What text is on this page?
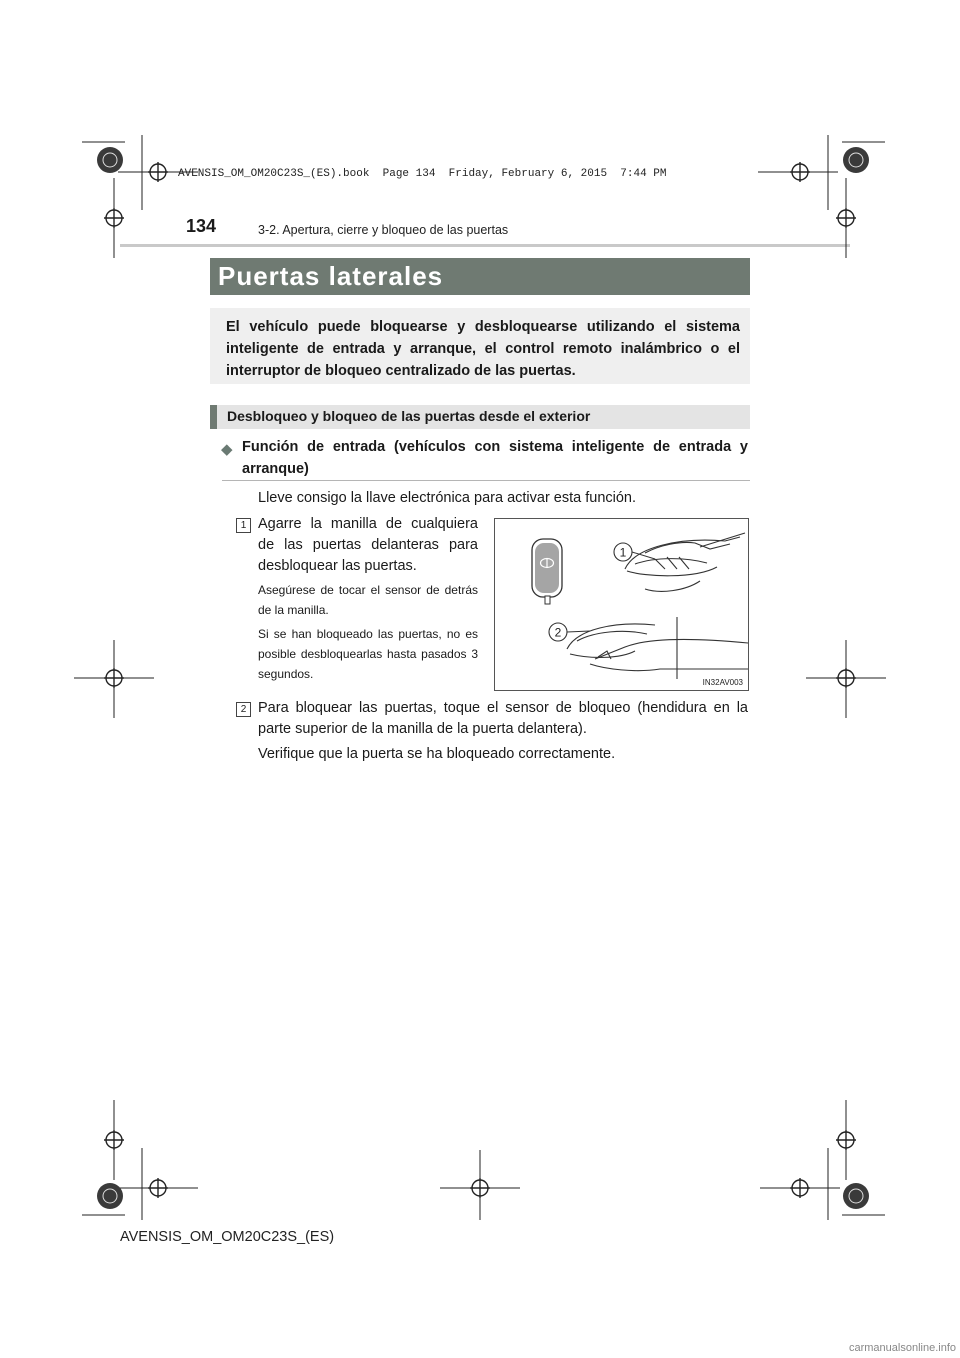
AVENSIS_OM_OM20C23S_(ES).book  Page 134  Friday, February 6, 2015  7:44 PM
134	3-2. Apertura, cierre y bloqueo de las puertas
Puertas laterales

El vehículo puede bloquearse y desbloquearse utilizando el sistema inteligente de entrada y arranque, el control remoto inalámbrico o el interruptor de bloqueo centralizado de las puertas.

Desbloqueo y bloqueo de las puertas desde el exterior
◆ Función de entrada (vehículos con sistema inteligente de entrada y arranque)
Lleve consigo la llave electrónica para activar esta función.
1 Agarre la manilla de cualquiera de las puertas delanteras para desbloquear las puertas.
Asegúrese de tocar el sensor de detrás de la manilla.
Si se han bloqueado las puertas, no es posible desbloquearlas hasta pasados 3 segundos.
1
2
IN32AV003
2 Para bloquear las puertas, toque el sensor de bloqueo (hendidura en la parte superior de la manilla de la puerta delantera).
Verifique que la puerta se ha bloqueado correctamente.
AVENSIS_OM_OM20C23S_(ES)
carmanualsonline.info
